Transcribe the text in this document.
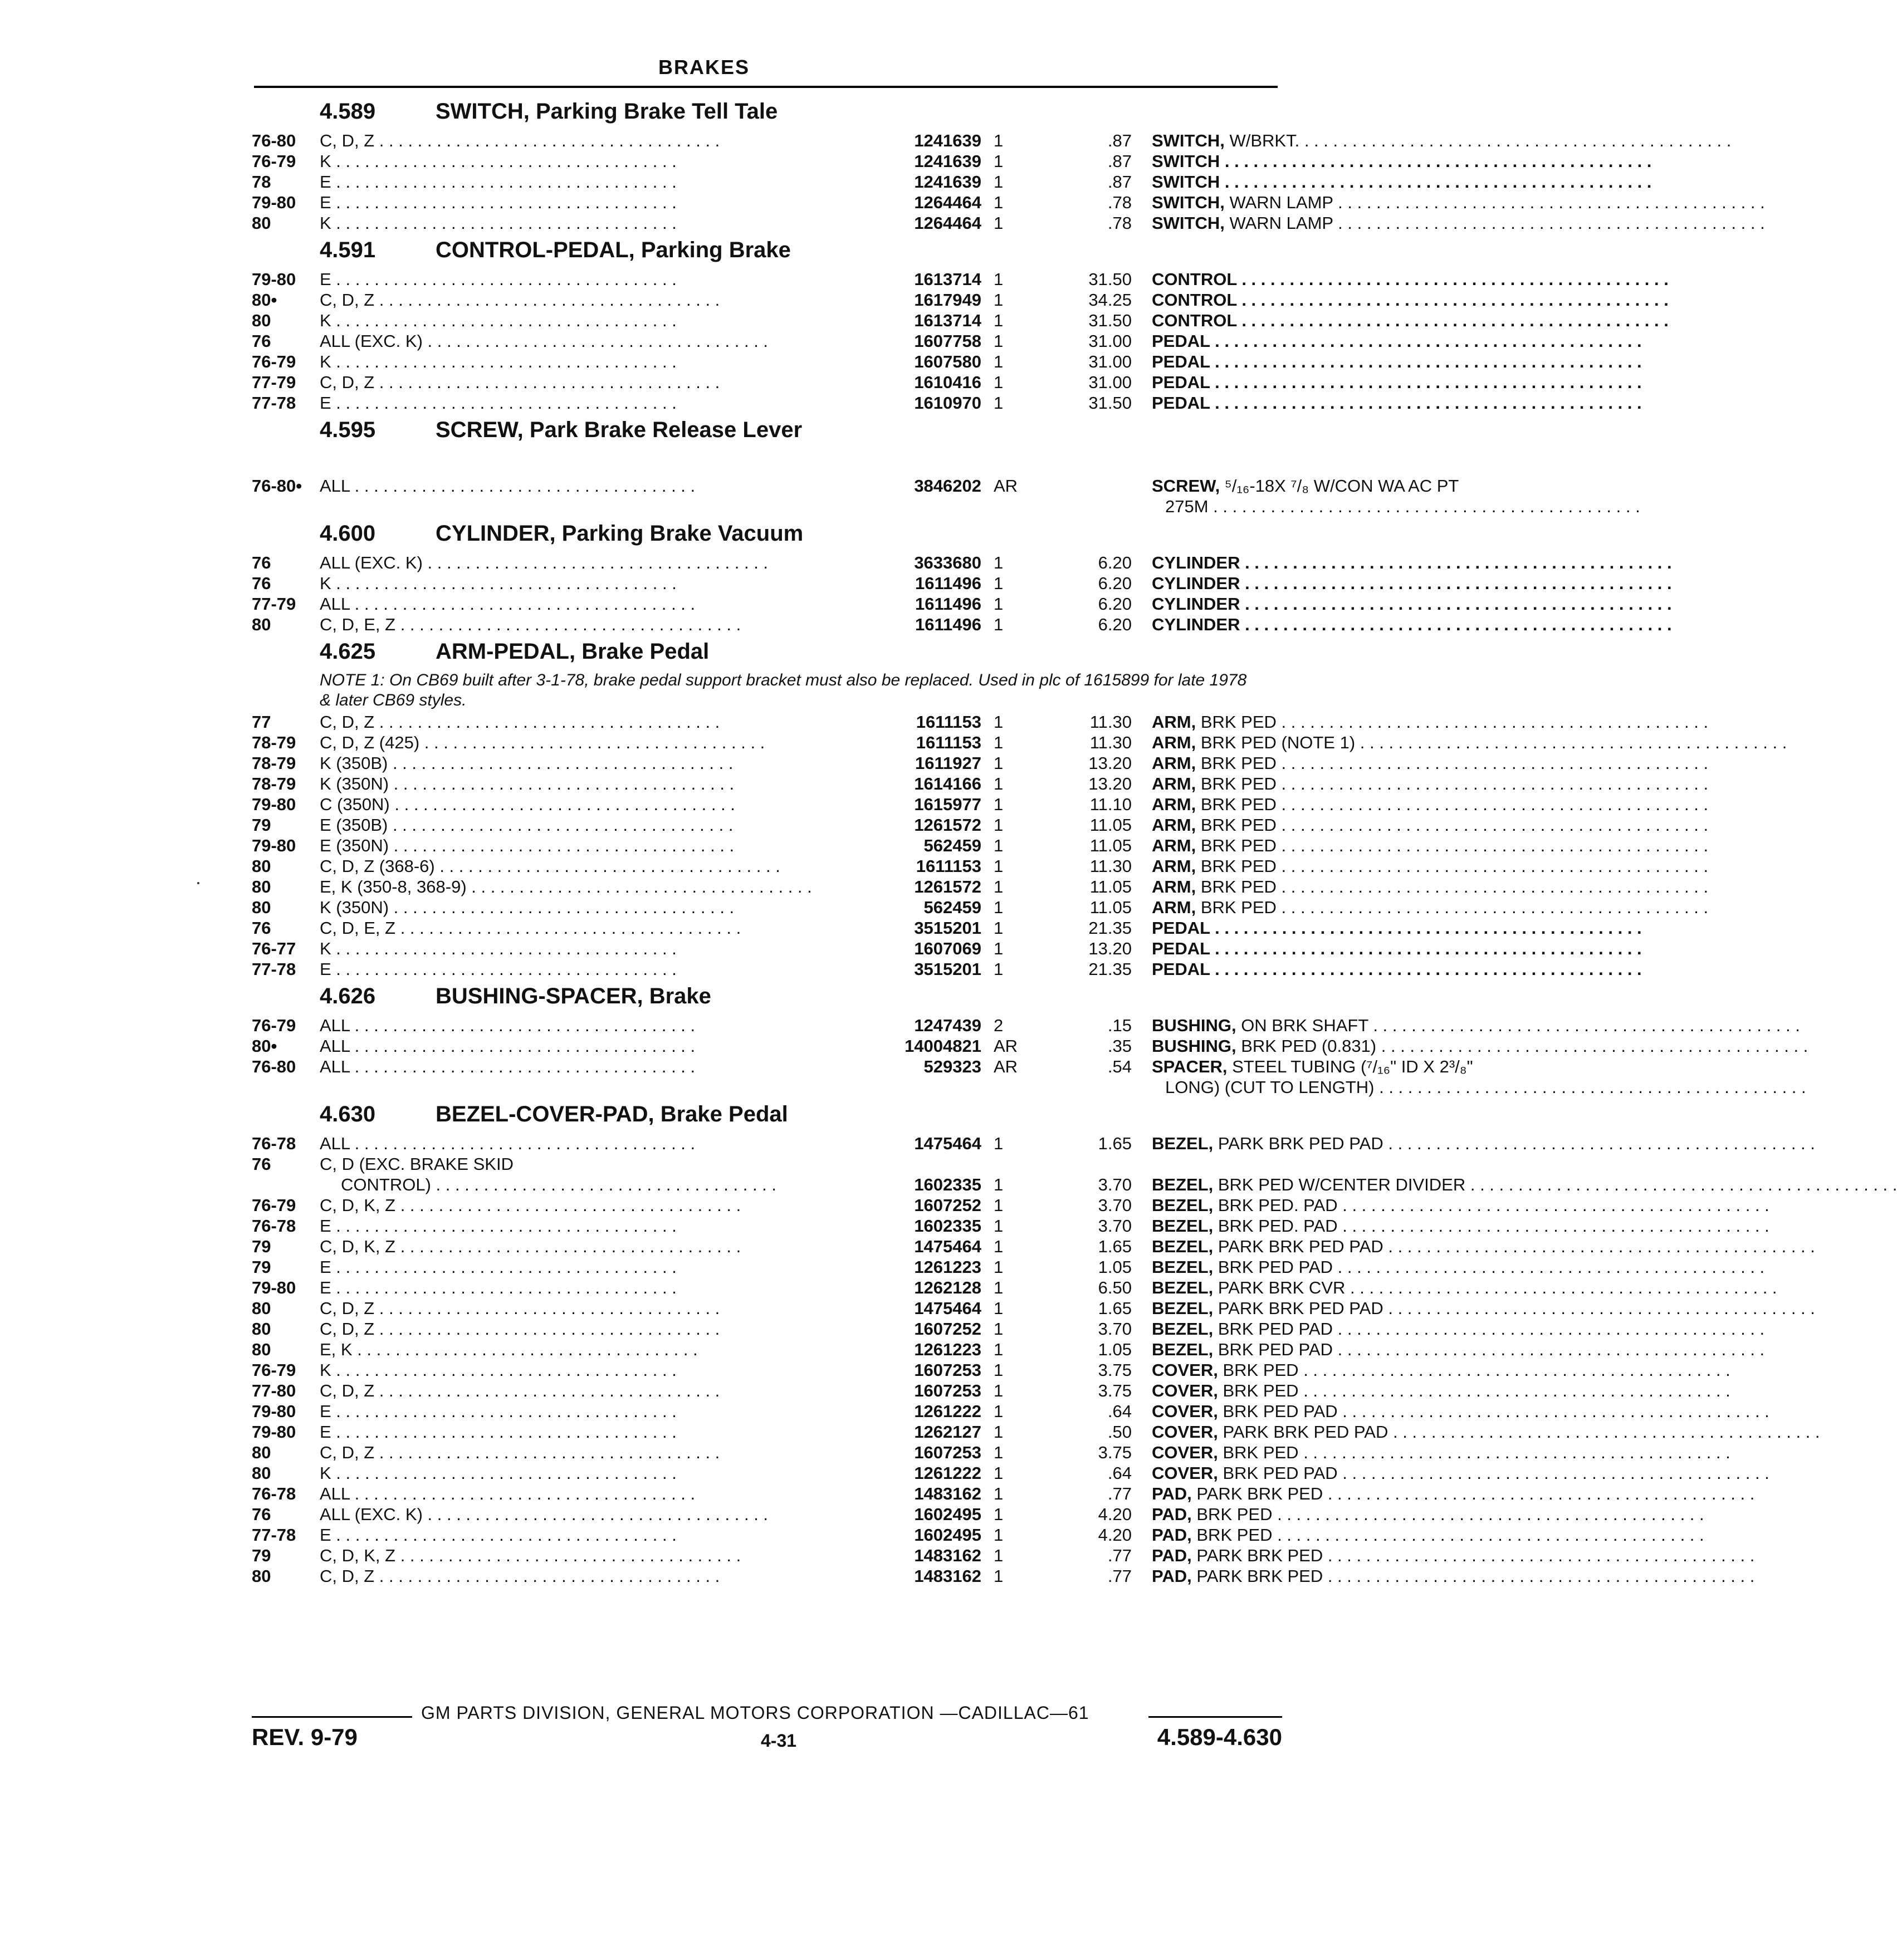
BRAKES
4.589	SWITCH, Parking Brake Tell Tale
76-80	C, D, Z . . .	1241639 1	.87 SWITCH, W/BRKT. . . .
76-79	K . . .	1241639 1	.87 SWITCH . . .
78	E . . .	1241639 1	.87 SWITCH . . .
79-80	E . . .	1264464 1	.78 SWITCH, WARN LAMP . . .
80	K . . .	1264464 1	.78 SWITCH, WARN LAMP . . .
4.591	CONTROL-PEDAL, Parking Brake
79-80	E . . .	1613714 1	31.50 CONTROL . . .
80•	C, D, Z . . .	1617949 1	34.25 CONTROL . . .
80	K . . .	1613714 1	31.50 CONTROL . . .
76	ALL (EXC. K) . . .	1607758 1	31.00 PEDAL . . .
76-79	K . . .	1607580 1	31.00 PEDAL . . .
77-79	C, D, Z . . .	1610416 1	31.00 PEDAL . . .
77-78	E . . .	1610970 1	31.50 PEDAL . . .
4.595	SCREW, Park Brake Release Lever
76-80•	ALL . . .	3846202 AR	SCREW, ⁵/₁₆-18X ⁷/₈ W/CON WA AC PT
275M . . .
4.600	CYLINDER, Parking Brake Vacuum
76	ALL (EXC. K) . . .	3633680 1	6.20 CYLINDER . . .
76	K . . .	1611496 1	6.20 CYLINDER . . .
77-79	ALL . . .	1611496 1	6.20 CYLINDER . . .
80	C, D, E, Z . . .	1611496 1	6.20 CYLINDER . . .
4.625	ARM-PEDAL, Brake Pedal
NOTE 1: On CB69 built after 3-1-78, brake pedal support bracket must also be replaced. Used in plc of 1615899 for late 1978 & later CB69 styles.
77	C, D, Z . . .	1611153 1	11.30 ARM, BRK PED . . .
78-79	C, D, Z (425) . . .	1611153 1	11.30 ARM, BRK PED (NOTE 1) . . .
78-79	K (350B) . . .	1611927 1	13.20 ARM, BRK PED . . .
78-79	K (350N) . . .	1614166 1	13.20 ARM, BRK PED . . .
79-80	C (350N) . . .	1615977 1	11.10 ARM, BRK PED . . .
79	E (350B) . . .	1261572 1	11.05 ARM, BRK PED . . .
79-80	E (350N) . . .	562459 1	11.05 ARM, BRK PED . . .
80	C, D, Z (368-6) . . .	1611153 1	11.30 ARM, BRK PED . . .
80	E, K (350-8, 368-9) . . .	1261572 1	11.05 ARM, BRK PED . . .
80	K (350N) . . .	562459 1	11.05 ARM, BRK PED . . .
76	C, D, E, Z . . .	3515201 1	21.35 PEDAL . . .
76-77	K . . .	1607069 1	13.20 PEDAL . . .
77-78	E . . .	3515201 1	21.35 PEDAL . . .
4.626	BUSHING-SPACER, Brake
76-79	ALL . . .	1247439 2	.15 BUSHING, ON BRK SHAFT . . .
80•	ALL . . .	14004821 AR	.35 BUSHING, BRK PED (0.831) . . .
76-80	ALL . . .	529323 AR	.54 SPACER, STEEL TUBING (⁷/₁₆" ID X 2³/₈"
LONG) (CUT TO LENGTH) . . .
4.630	BEZEL-COVER-PAD, Brake Pedal
76-78	ALL . . .	1475464 1	1.65 BEZEL, PARK BRK PED PAD . . .
76	C, D (EXC. BRAKE SKID
CONTROL) . . .	1602335 1	3.70 BEZEL, BRK PED W/CENTER DIVIDER . . .
76-79	C, D, K, Z . . .	1607252 1	3.70 BEZEL, BRK PED. PAD . . .
76-78	E . . .	1602335 1	3.70 BEZEL, BRK PED. PAD . . .
79	C, D, K, Z . . .	1475464 1	1.65 BEZEL, PARK BRK PED PAD . . .
79	E . . .	1261223 1	1.05 BEZEL, BRK PED PAD . . .
79-80	E . . .	1262128 1	6.50 BEZEL, PARK BRK CVR . . .
80	C, D, Z . . .	1475464 1	1.65 BEZEL, PARK BRK PED PAD . . .
80	C, D, Z . . .	1607252 1	3.70 BEZEL, BRK PED PAD . . .
80	E, K . . .	1261223 1	1.05 BEZEL, BRK PED PAD . . .
76-79	K . . .	1607253 1	3.75 COVER, BRK PED . . .
77-80	C, D, Z . . .	1607253 1	3.75 COVER, BRK PED . . .
79-80	E . . .	1261222 1	.64 COVER, BRK PED PAD . . .
79-80	E . . .	1262127 1	.50 COVER, PARK BRK PED PAD . . .
80	C, D, Z . . .	1607253 1	3.75 COVER, BRK PED . . .
80	K . . .	1261222 1	.64 COVER, BRK PED PAD . . .
76-78	ALL . . .	1483162 1	.77 PAD, PARK BRK PED . . .
76	ALL (EXC. K) . . .	1602495 1	4.20 PAD, BRK PED . . .
77-78	E . . .	1602495 1	4.20 PAD, BRK PED . . .
79	C, D, K, Z . . .	1483162 1	.77 PAD, PARK BRK PED . . .
80	C, D, Z . . .	1483162 1	.77 PAD, PARK BRK PED . . .
GM PARTS DIVISION, GENERAL MOTORS CORPORATION —CADILLAC—61
REV. 9-79	4-31	4.589-4.630
